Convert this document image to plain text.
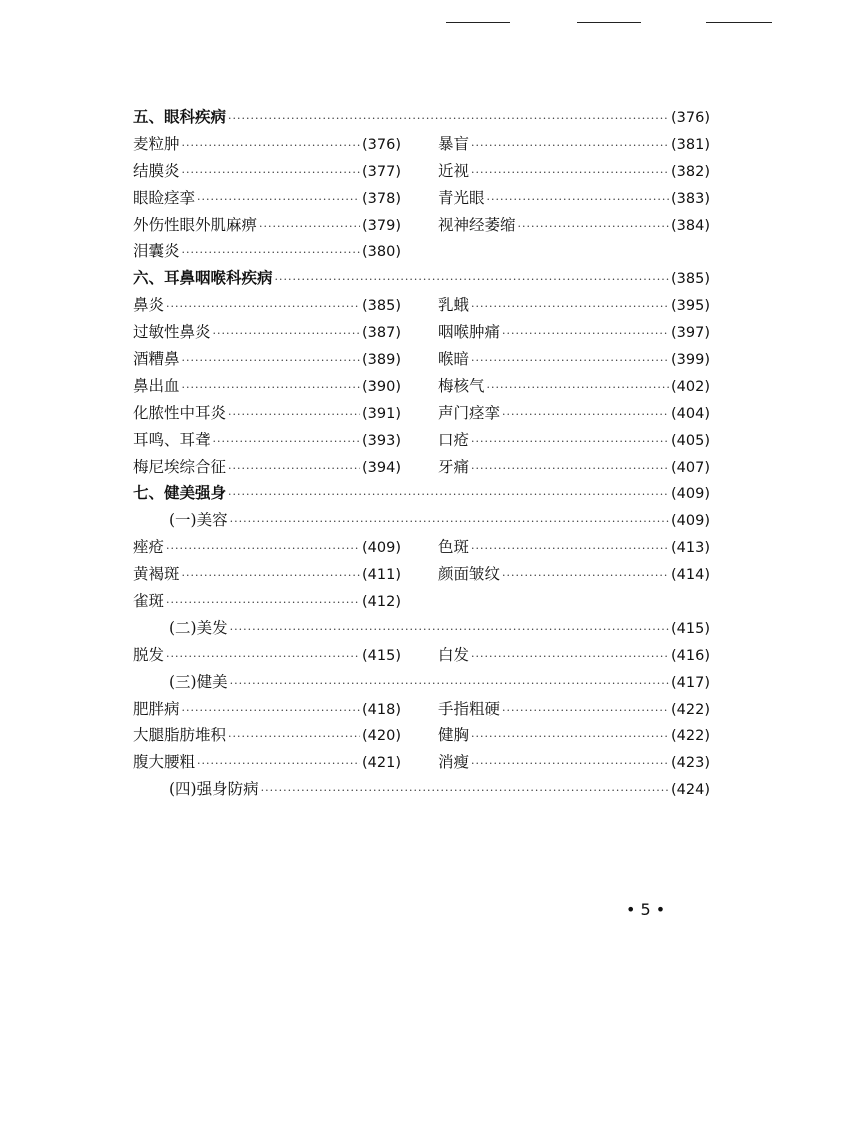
五、眼科疾病 ·····	(376)
麦粒肿 ·····	(376) 暴盲 ·····	(381)
结膜炎 ·····	(377) 近视 ·····	(382)
眼睑痉挛 ·····	(378) 青光眼 ·····	(383)
外伤性眼外肌麻痹 ·····	(379) 视神经萎缩 ·····	(384)
泪囊炎 ·····	(380)
六、耳鼻咽喉科疾病 ·····	(385)
鼻炎 ·····	(385) 乳蛾 ·····	(395)
过敏性鼻炎 ·····	(387) 咽喉肿痛 ·····	(397)
酒糟鼻 ·····	(389) 喉暗 ·····	(399)
鼻出血 ·····	(390) 梅核气 ·····	(402)
化脓性中耳炎 ·····	(391) 声门痉挛 ·····	(404)
耳鸣、耳聋 ·····	(393) 口疮 ·····	(405)
梅尼埃综合征 ·····	(394) 牙痛 ·····	(407)
七、健美强身 ·····	(409)
(一)美容 ·····	(409)
痤疮 ·····	(409) 色斑 ·····	(413)
黄褐斑 ·····	(411) 颜面皱纹 ·····	(414)
雀斑 ·····	(412)
(二)美发 ·····	(415)
脱发 ·····	(415) 白发 ·····	(416)
(三)健美 ·····	(417)
肥胖病 ·····	(418) 手指粗硬 ·····	(422)
大腿脂肪堆积 ·····	(420) 健胸 ·····	(422)
腹大腰粗 ·····	(421) 消瘦 ·····	(423)
(四)强身防病 ·····	(424)
• 5 •
